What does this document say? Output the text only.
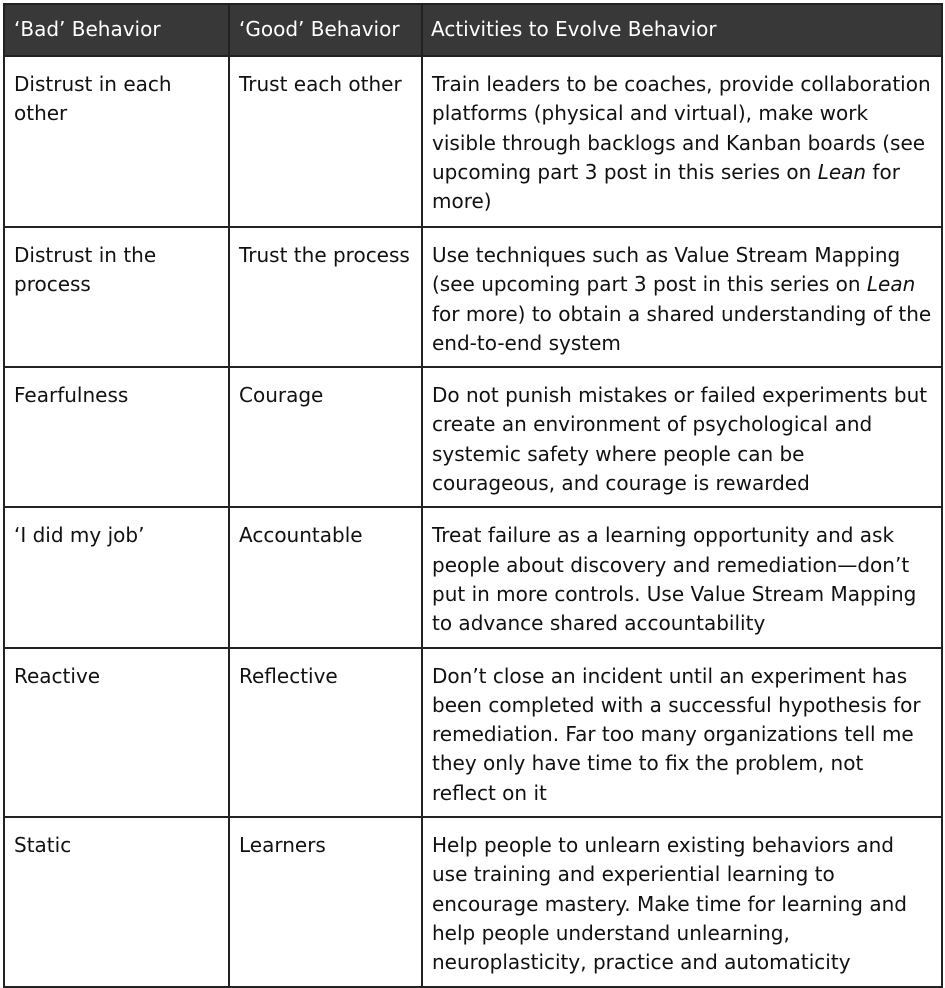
‘Bad’ Behavior	‘Good’ Behavior	Activities to Evolve Behavior
Distrust in each other	Trust each other	Train leaders to be coaches, provide collaboration platforms (physical and virtual), make work visible through backlogs and Kanban boards (see upcoming part 3 post in this series on Lean for more)
Distrust in the process	Trust the process	Use techniques such as Value Stream Mapping (see upcoming part 3 post in this series on Lean for more) to obtain a shared understanding of the end-to-end system
Fearfulness	Courage	Do not punish mistakes or failed experiments but create an environment of psychological and systemic safety where people can be courageous, and courage is rewarded
‘I did my job’	Accountable	Treat failure as a learning opportunity and ask people about discovery and remediation—don’t put in more controls. Use Value Stream Mapping to advance shared accountability
Reactive	Reflective	Don’t close an incident until an experiment has been completed with a successful hypothesis for remediation. Far too many organizations tell me they only have time to fix the problem, not reflect on it
Static	Learners	Help people to unlearn existing behaviors and use training and experiential learning to encourage mastery. Make time for learning and help people understand unlearning, neuroplasticity, practice and automaticity
